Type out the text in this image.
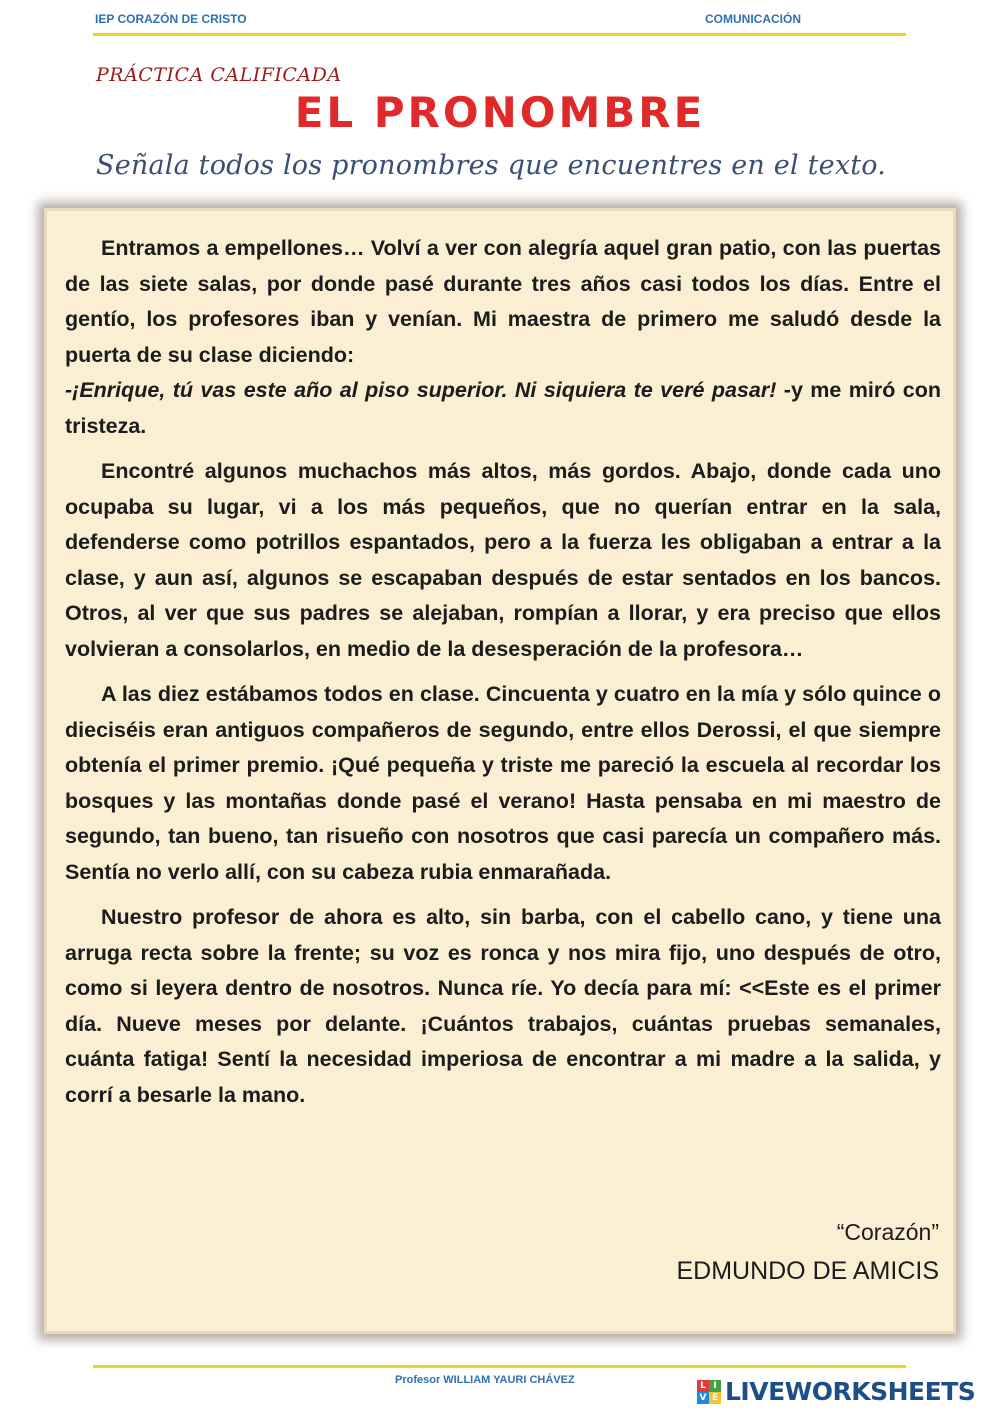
IEP CORAZÓN DE CRISTO	COMUNICACIÓN
PRÁCTICA CALIFICADA
EL PRONOMBRE
Señala todos los pronombres que encuentres en el texto.

Entramos a empellones… Volví a ver con alegría aquel gran patio, con las puertas de las siete salas, por donde pasé durante tres años casi todos los días. Entre el gentío, los profesores iban y venían. Mi maestra de primero me saludó desde la puerta de su clase diciendo:

-¡Enrique, tú vas este año al piso superior. Ni siquiera te veré pasar! -y me miró con tristeza.

Encontré algunos muchachos más altos, más gordos. Abajo, donde cada uno ocupaba su lugar, vi a los más pequeños, que no querían entrar en la sala, defenderse como potrillos espantados, pero a la fuerza les obligaban a entrar a la clase, y aun así, algunos se escapaban después de estar sentados en los bancos. Otros, al ver que sus padres se alejaban, rompían a llorar, y era preciso que ellos volvieran a consolarlos, en medio de la desesperación de la profesora…

A las diez estábamos todos en clase. Cincuenta y cuatro en la mía y sólo quince o dieciséis eran antiguos compañeros de segundo, entre ellos Derossi, el que siempre obtenía el primer premio. ¡Qué pequeña y triste me pareció la escuela al recordar los bosques y las montañas donde pasé el verano! Hasta pensaba en mi maestro de segundo, tan bueno, tan risueño con nosotros que casi parecía un compañero más. Sentía no verlo allí, con su cabeza rubia enmarañada.

Nuestro profesor de ahora es alto, sin barba, con el cabello cano, y tiene una arruga recta sobre la frente; su voz es ronca y nos mira fijo, uno después de otro, como si leyera dentro de nosotros. Nunca ríe. Yo decía para mí: <<Este es el primer día. Nueve meses por delante. ¡Cuántos trabajos, cuántas pruebas semanales, cuánta fatiga! Sentí la necesidad imperiosa de encontrar a mi madre a la salida, y corrí a besarle la mano.

“Corazón”
EDMUNDO DE AMICIS
Profesor WILLIAM YAURI CHÁVEZ	L I
V E LIVEWORKSHEETS
